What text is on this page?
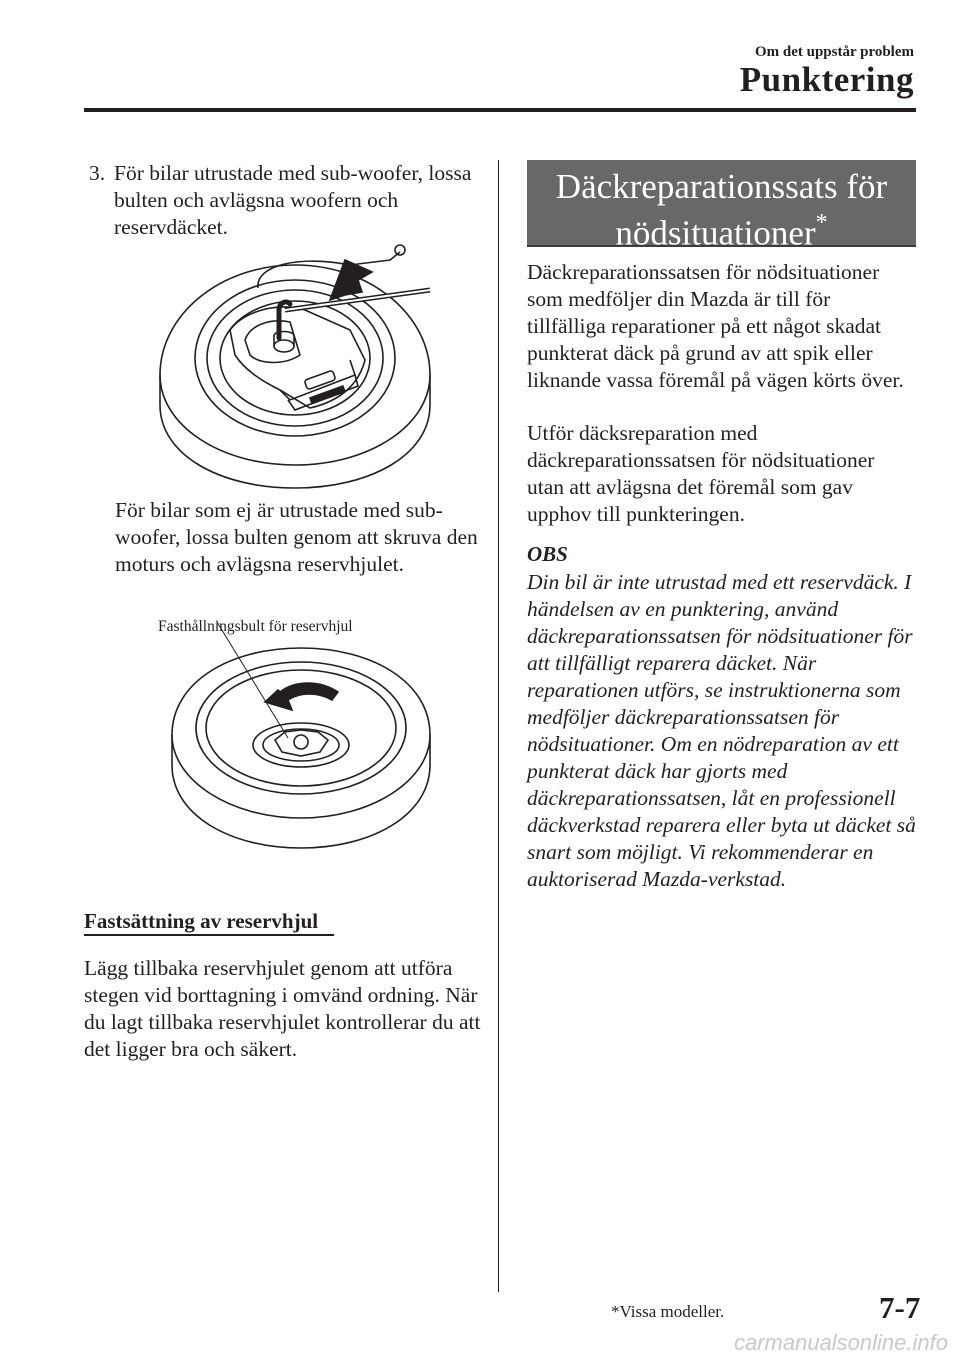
Om det uppstår problem
Punktering
3. För bilar utrustade med sub-woofer, lossa bulten och avlägsna woofern och reservdäcket.
För bilar som ej är utrustade med sub-woofer, lossa bulten genom att skruva den moturs och avlägsna reservhjulet.
Fasthållningsbult för reservhjul
Fastsättning av reservhjul
Lägg tillbaka reservhjulet genom att utföra stegen vid borttagning i omvänd ordning. När du lagt tillbaka reservhjulet kontrollerar du att det ligger bra och säkert.
Däckreparationssats för
nödsituationer*
Däckreparationssatsen för nödsituationer som medföljer din Mazda är till för tillfälliga reparationer på ett något skadat punkterat däck på grund av att spik eller liknande vassa föremål på vägen körts över.
Utför däcksreparation med däckreparationssatsen för nödsituationer utan att avlägsna det föremål som gav upphov till punkteringen.
OBS
Din bil är inte utrustad med ett reservdäck. I händelsen av en punktering, använd däckreparationssatsen för nödsituationer för att tillfälligt reparera däcket. När reparationen utförs, se instruktionerna som medföljer däckreparationssatsen för nödsituationer. Om en nödreparation av ett punkterat däck har gjorts med däckreparationssatsen, låt en professionell däckverkstad reparera eller byta ut däcket så snart som möjligt. Vi rekommenderar en auktoriserad Mazda-verkstad.
*Vissa modeller.	7-7
carmanualsonline.info
